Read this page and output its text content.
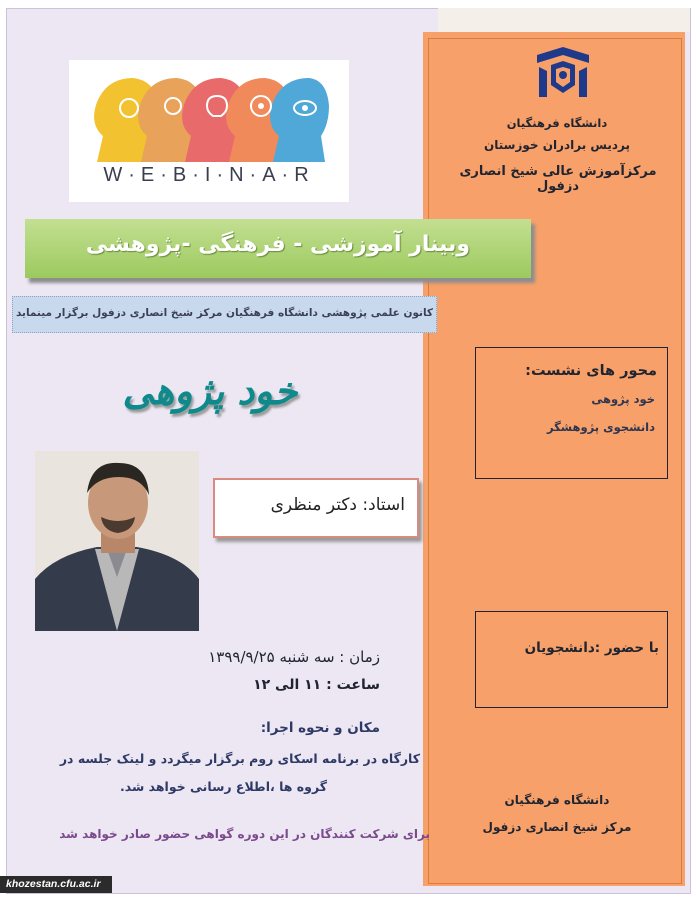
دانشگاه فرهنگیان
پردیس برادران خوزستان
مرکزآموزش عالی شیخ انصاری دزفول
محور های نشست:
خود پژوهی
دانشجوی پژوهشگر
با حضور :دانشجویان
دانشگاه فرهنگیان
مرکز شیخ انصاری دزفول
W·E·B·I·N·A·R
وبینار آموزشی - فرهنگی -پژوهشی
کانون علمی پژوهشی دانشگاه فرهنگیان مرکز شیخ انصاری دزفول برگزار مینماید
خود پژوهی
استاد: دکتر منظری
زمان : سه شنبه ۱۳۹۹/۹/۲۵
ساعت : ۱۱ الی ۱۲
مکان و نحوه اجرا:
کارگاه در برنامه اسکای روم برگزار میگردد و لینک جلسه در
گروه ها ،اطلاع رسانی خواهد شد.
برای شرکت کنندگان در این دوره گواهی حضور صادر خواهد شد
khozestan.cfu.ac.ir
